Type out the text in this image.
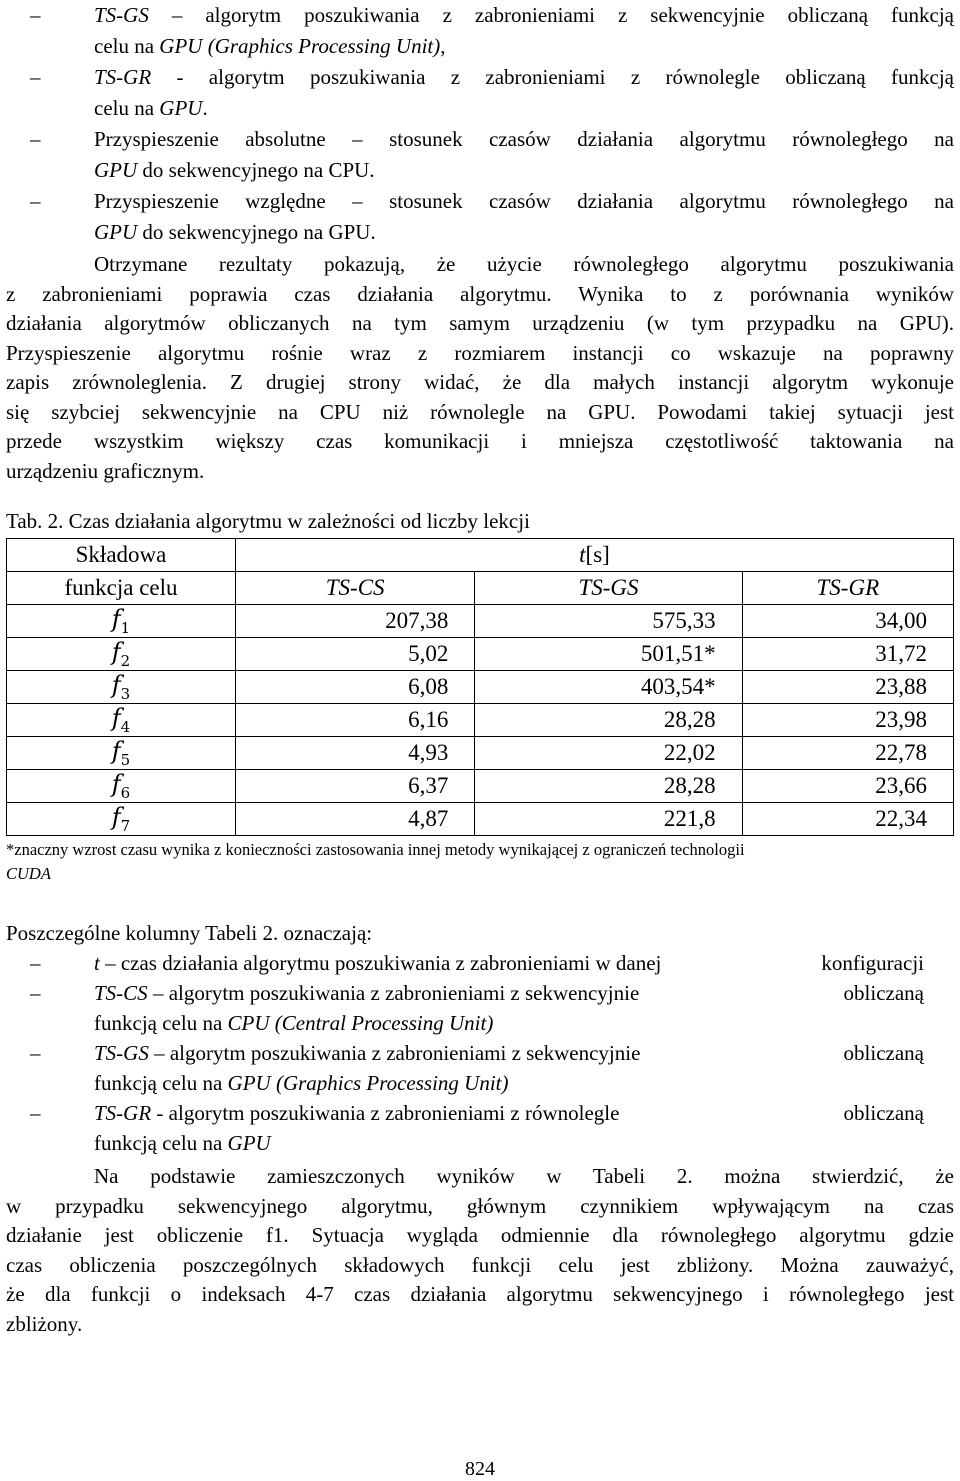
–	TS-GS – algorytm poszukiwania z zabronieniami z sekwencyjnie obliczaną funkcją
celu na GPU (Graphics Processing Unit),
–	TS-GR - algorytm poszukiwania z zabronieniami z równolegle obliczaną funkcją
celu na GPU.
–	Przyspieszenie absolutne – stosunek czasów działania algorytmu równoległego na
GPU do sekwencyjnego na CPU.
–	Przyspieszenie względne – stosunek czasów działania algorytmu równoległego na
GPU do sekwencyjnego na GPU.
Otrzymane rezultaty pokazują, że użycie równoległego algorytmu poszukiwania
z zabronieniami poprawia czas działania algorytmu. Wynika to z porównania wyników
działania algorytmów obliczanych na tym samym urządzeniu (w tym przypadku na GPU).
Przyspieszenie algorytmu rośnie wraz z rozmiarem instancji co wskazuje na poprawny
zapis zrównoleglenia. Z drugiej strony widać, że dla małych instancji algorytm wykonuje
się szybciej sekwencyjnie na CPU niż równolegle na GPU. Powodami takiej sytuacji jest
przede wszystkim większy czas komunikacji i mniejsza częstotliwość taktowania na
urządzeniu graficznym.
Tab. 2. Czas działania algorytmu w zależności od liczby lekcji
Składowa	t[s]		
funkcja celu	TS-CS	TS-GS	TS-GR
$f_1$	207,38	575,33	34,00
$f_2$	5,02	501,51*	31,72
$f_3$	6,08	403,54*	23,88
$f_4$	6,16	28,28	23,98
$f_5$	4,93	22,02	22,78
$f_6$	6,37	28,28	23,66
$f_7$	4,87	221,8	22,34
*znaczny wzrost czasu wynika z konieczności zastosowania innej metody wynikającej z ograniczeń technologii
CUDA
Poszczególne kolumny Tabeli 2. oznaczają:
–	t – czas działania algorytmu poszukiwania z zabronieniami w danej	konfiguracji
–	TS-CS – algorytm poszukiwania z zabronieniami z sekwencyjnie	obliczaną
funkcją celu na CPU (Central Processing Unit)
–	TS-GS – algorytm poszukiwania z zabronieniami z sekwencyjnie	obliczaną
funkcją celu na GPU (Graphics Processing Unit)
–	TS-GR - algorytm poszukiwania z zabronieniami z równolegle	obliczaną
funkcją celu na GPU
Na podstawie zamieszczonych wyników w Tabeli 2. można stwierdzić, że
w przypadku sekwencyjnego algorytmu, głównym czynnikiem wpływającym na czas
działanie jest obliczenie f1. Sytuacja wygląda odmiennie dla równoległego algorytmu gdzie
czas obliczenia poszczególnych składowych funkcji celu jest zbliżony. Można zauważyć,
że dla funkcji o indeksach 4-7 czas działania algorytmu sekwencyjnego i równoległego jest
zbliżony.
824
